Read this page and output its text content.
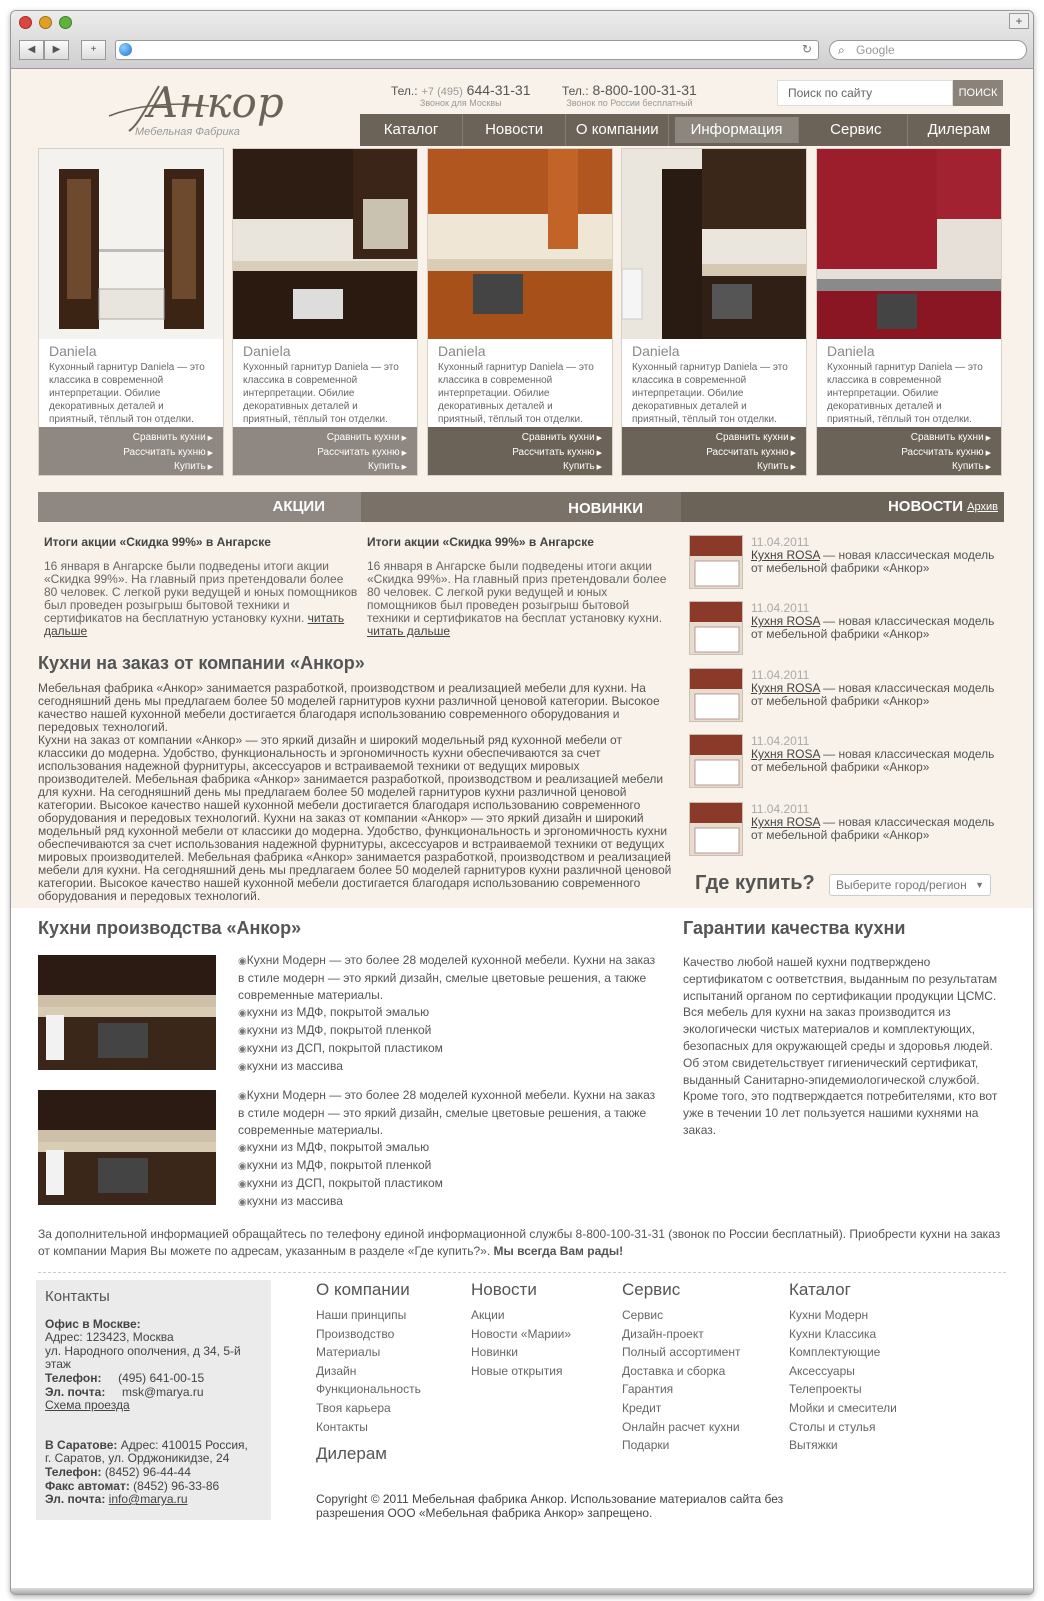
◀	▶	+	↻ ⌕ Google
+
Анкор
Мебельная Фабрика
Тел.: +7 (495) 644-31-31
Звонок для Москвы
Тел.: 8-800-100-31-31
Звонок по России бесплатный
Поиск по сайту	ПОИСК
Каталог	Новости	О компании	Информация	Сервис	Дилерам
Daniela
Кухонный гарнитур Daniela — это классика в современной интерпретации. Обилие декоративных деталей и приятный, тёплый тон отделки.
Сравнить кухни ▶
Рассчитать кухню ▶
Купить ▶
Daniela
Кухонный гарнитур Daniela — это классика в современной интерпретации. Обилие декоративных деталей и приятный, тёплый тон отделки.
Сравнить кухни ▶
Рассчитать кухню ▶
Купить ▶
Daniela
Кухонный гарнитур Daniela — это классика в современной интерпретации. Обилие декоративных деталей и приятный, тёплый тон отделки.
Сравнить кухни ▶
Рассчитать кухню ▶
Купить ▶
Daniela
Кухонный гарнитур Daniela — это классика в современной интерпретации. Обилие декоративных деталей и приятный, тёплый тон отделки.
Сравнить кухни ▶
Рассчитать кухню ▶
Купить ▶
Daniela
Кухонный гарнитур Daniela — это классика в современной интерпретации. Обилие декоративных деталей и приятный, тёплый тон отделки.
Сравнить кухни ▶
Рассчитать кухню ▶
Купить ▶
АКЦИИ	НОВИНКИ	НОВОСТИ $^{Архив}$
Итоги акции «Скидка 99%» в Ангарске
16 января в Ангарске были подведены итоги акции «Скидка 99%». На главный приз претендовали более 80 человек. С легкой руки ведущей и юных помощников был проведен розыгрыш бытовой техники и сертификатов на бесплатную установку кухни. читать дальше
Итоги акции «Скидка 99%» в Ангарске
16 января в Ангарске были подведены итоги акции «Скидка 99%». На главный приз претендовали более 80 человек. С легкой руки ведущей и юных помощников был проведен розыгрыш бытовой техники и сертификатов на бесплат установку кухни. читать дальше
Кухни на заказ от компании «Анкор»
Мебельная фабрика «Анкор» занимается разработкой, производством и реализацией мебели для кухни. На сегодняшний день мы предлагаем более 50 моделей гарнитуров кухни различной ценовой категории. Высокое качество нашей кухонной мебели достигается благодаря использованию современного оборудования и передовых технологий.
Кухни на заказ от компании «Анкор» — это яркий дизайн и широкий модельный ряд кухонной мебели от классики до модерна. Удобство, функциональность и эргономичность кухни обеспечиваются за счет использования надежной фурнитуры, аксессуаров и встраиваемой техники от ведущих мировых производителей. Мебельная фабрика «Анкор» занимается разработкой, производством и реализацией мебели для кухни. На сегодняшний день мы предлагаем более 50 моделей гарнитуров кухни различной ценовой категории. Высокое качество нашей кухонной мебели достигается благодаря использованию современного оборудования и передовых технологий. Кухни на заказ от компании «Анкор» — это яркий дизайн и широкий модельный ряд кухонной мебели от классики до модерна. Удобство, функциональность и эргономичность кухни обеспечиваются за счет использования надежной фурнитуры, аксессуаров и встраиваемой техники от ведущих мировых производителей. Мебельная фабрика «Анкор» занимается разработкой, производством и реализацией мебели для кухни. На сегодняшний день мы предлагаем более 50 моделей гарнитуров кухни различной ценовой категории. Высокое качество нашей кухонной мебели достигается благодаря использованию современного оборудования и передовых технологий.
11.04.2011
Кухня ROSA — новая классическая модель от мебельной фабрики «Анкор»
11.04.2011
Кухня ROSA — новая классическая модель от мебельной фабрики «Анкор»
11.04.2011
Кухня ROSA — новая классическая модель от мебельной фабрики «Анкор»
11.04.2011
Кухня ROSA — новая классическая модель от мебельной фабрики «Анкор»
11.04.2011
Кухня ROSA — новая классическая модель от мебельной фабрики «Анкор»
Где купить?	Выберите город/регион ▼
Кухни производства «Анкор»
◉ Кухни Модерн — это более 28 моделей кухонной мебели. Кухни на заказ в стиле модерн — это яркий дизайн, смелые цветовые решения, а также современные материалы.
◉ кухни из МДФ, покрытой эмалью
◉ кухни из МДФ, покрытой пленкой
◉ кухни из ДСП, покрытой пластиком
◉ кухни из массива
◉ Кухни Модерн — это более 28 моделей кухонной мебели. Кухни на заказ в стиле модерн — это яркий дизайн, смелые цветовые решения, а также современные материалы.
◉ кухни из МДФ, покрытой эмалью
◉ кухни из МДФ, покрытой пленкой
◉ кухни из ДСП, покрытой пластиком
◉ кухни из массива
Гарантии качества кухни
Качество любой нашей кухни подтверждено сертификатом с оответствия, выданным по результатам испытаний органом по сертификации продукции ЦСМС. Вся мебель для кухни на заказ производится из экологически чистых материалов и комплектующих, безопасных для окружающей среды и здоровья людей. Об этом свидетельствует гигиенический сертификат, выданный Санитарно-эпидемиологической службой. Кроме того, это подтверждается потребителями, кто вот уже в течении 10 лет пользуется нашими кухнями на заказ.
За дополнительной информацией обращайтесь по телефону единой информационной службы 8-800-100-31-31 (звонок по России бесплатный). Приобрести кухни на заказ от компании Мария Вы можете по адресам, указанным в разделе «Где купить?». Мы всегда Вам рады!
Контакты
Офис в Москве:
Адрес: 123423, Москва
ул. Народного ополчения, д 34, 5-й этаж
Телефон: (495) 641-00-15
Эл. почта: msk@marya.ru
Схема проезда
В Саратове: Адрес: 410015 Россия,
г. Саратов, ул. Орджоникидзе, 24
Телефон: (8452) 96-44-44
Факс автомат: (8452) 96-33-86
Эл. почта: info@marya.ru
О компании
Наши принципы
Производство
Материалы
Дизайн
Функциональность
Твоя карьера
Контакты
Дилерам
Новости
Акции
Новости «Марии»
Новинки
Новые открытия
Сервис
Сервис
Дизайн-проект
Полный ассортимент
Доставка и сборка
Гарантия
Кредит
Онлайн расчет кухни
Подарки
Каталог
Кухни Модерн
Кухни Классика
Комплектующие
Аксессуары
Телепроекты
Мойки и смесители
Столы и стулья
Вытяжки
Copyright © 2011 Мебельная фабрика Анкор. Использование материалов сайта без разрешения ООО «Мебельная фабрика Анкор» запрещено.
